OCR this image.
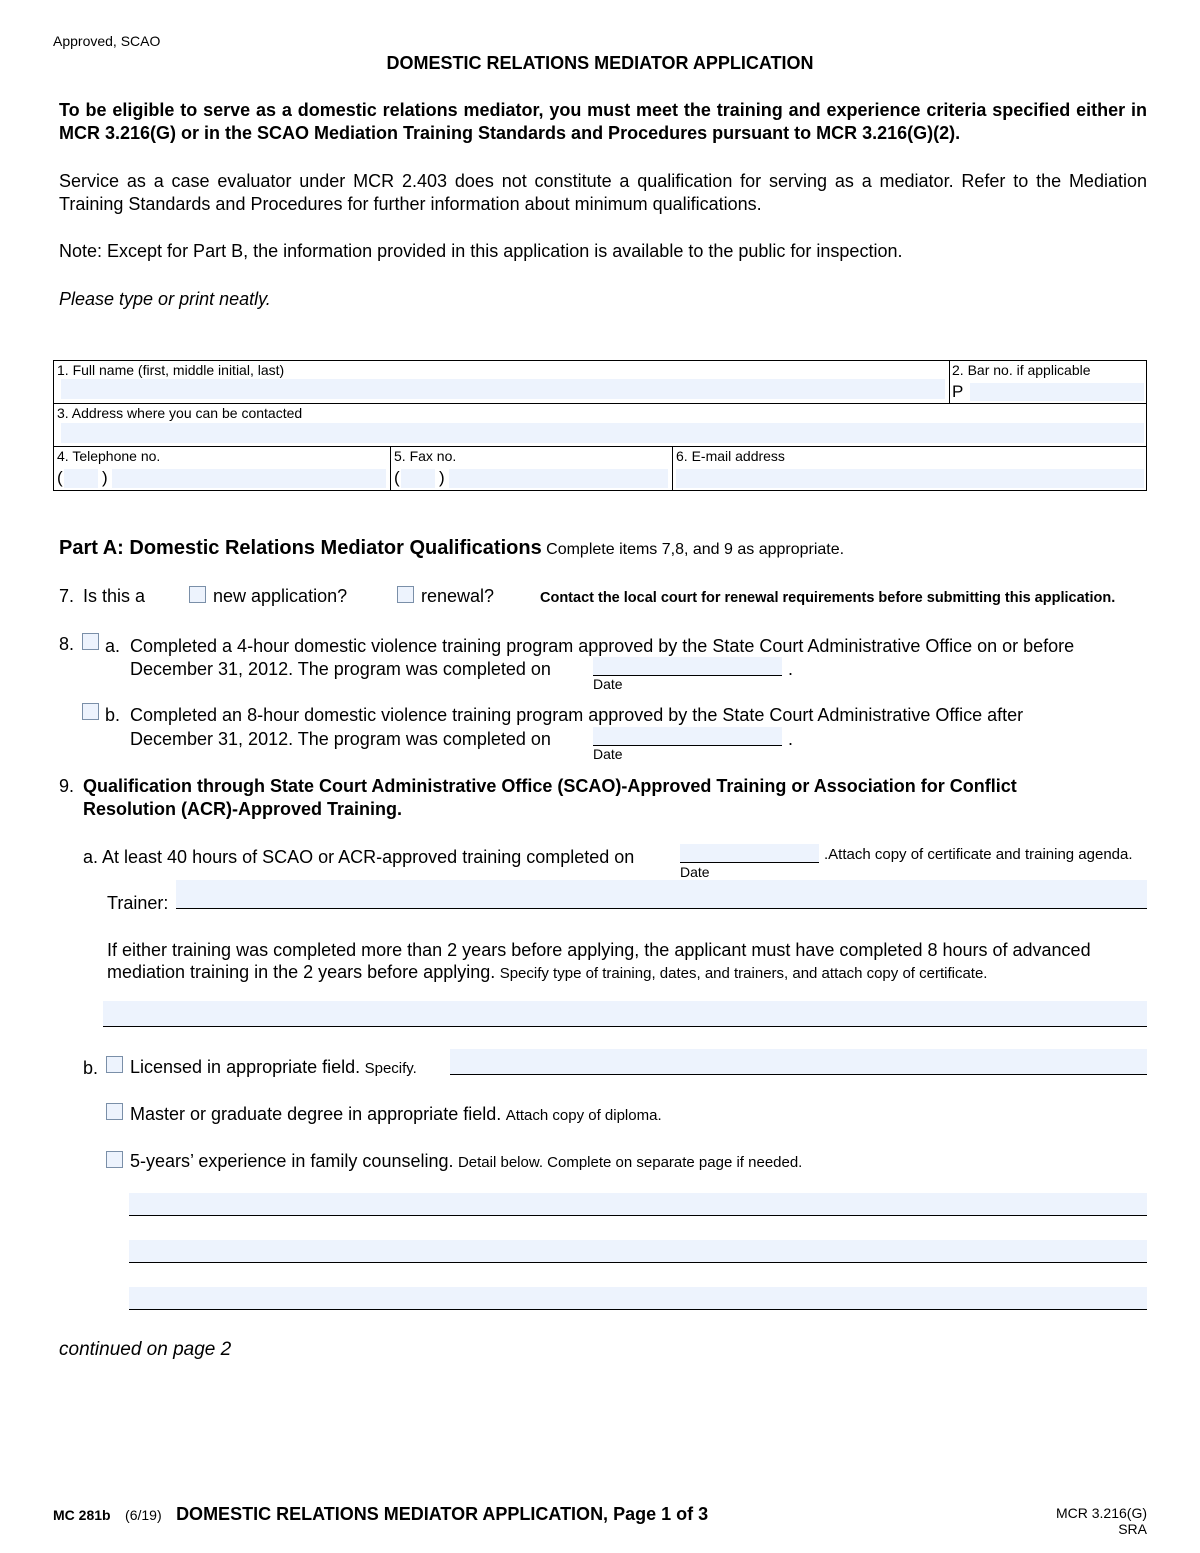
Approved, SCAO
DOMESTIC RELATIONS MEDIATOR APPLICATION
To be eligible to serve as a domestic relations mediator, you must meet the training and experience criteria specified either in MCR 3.216(G) or in the SCAO Mediation Training Standards and Procedures pursuant to MCR 3.216(G)(2).
Service as a case evaluator under MCR 2.403 does not constitute a qualification for serving as a mediator. Refer to the Mediation Training Standards and Procedures for further information about minimum qualifications.
Note: Except for Part B, the information provided in this application is available to the public for inspection.
Please type or print neatly.
1. Full name (first, middle initial, last)	2. Bar no. if applicable
P
3. Address where you can be contacted
4. Telephone no.
( )
5. Fax no.
( )
6. E-mail address
Part A: Domestic Relations Mediator Qualifications Complete items 7,8, and 9 as appropriate.
7. Is this a	new application?	renewal?	Contact the local court for renewal requirements before submitting this application.
8. a. Completed a 4-hour domestic violence training program approved by the State Court Administrative Office on or before
December 31, 2012. The program was completed on	.
Date
b. Completed an 8-hour domestic violence training program approved by the State Court Administrative Office after
December 31, 2012. The program was completed on	.
Date
9. Qualification through State Court Administrative Office (SCAO)-Approved Training or Association for Conflict
Resolution (ACR)-Approved Training.
a. At least 40 hours of SCAO or ACR-approved training completed on	.Attach copy of certificate and training agenda.
Date
Trainer:
If either training was completed more than 2 years before applying, the applicant must have completed 8 hours of advanced
mediation training in the 2 years before applying. Specify type of training, dates, and trainers, and attach copy of certificate.
b. Licensed in appropriate field. Specify.
Master or graduate degree in appropriate field. Attach copy of diploma.
5-years’ experience in family counseling. Detail below. Complete on separate page if needed.
continued on page 2
MC 281b (6/19) DOMESTIC RELATIONS MEDIATOR APPLICATION, Page 1 of 3	MCR 3.216(G)
SRA
